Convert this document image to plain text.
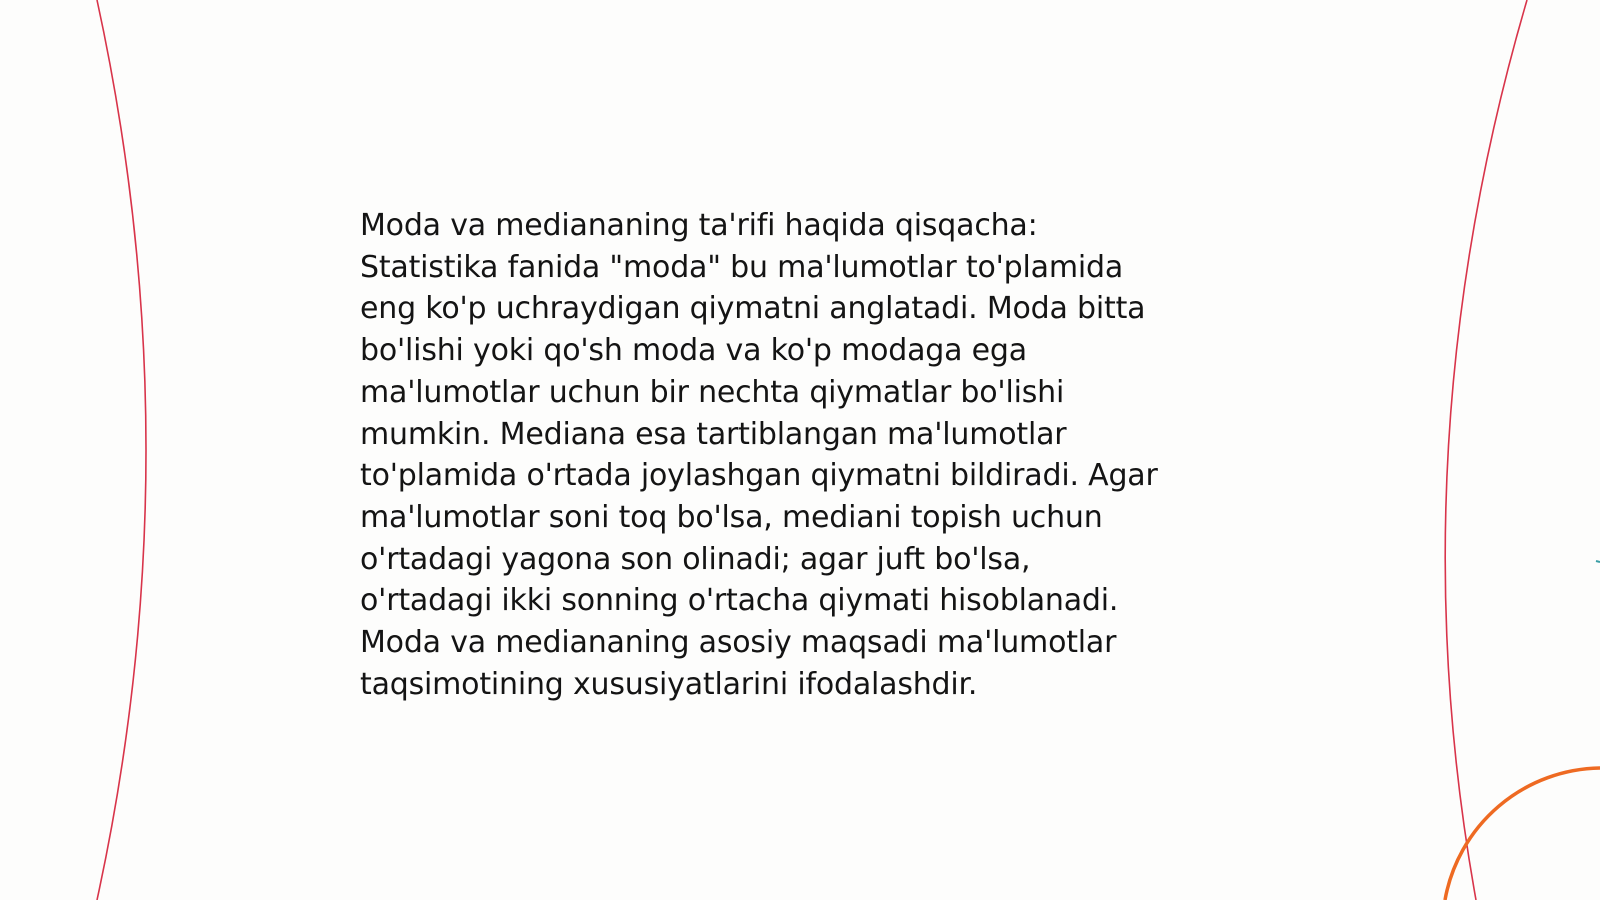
Moda va mediananing ta'rifi haqida qisqacha:
Statistika fanida "moda" bu ma'lumotlar to'plamida
eng ko'p uchraydigan qiymatni anglatadi. Moda bitta
bo'lishi yoki qo'sh moda va ko'p modaga ega
ma'lumotlar uchun bir nechta qiymatlar bo'lishi
mumkin. Mediana esa tartiblangan ma'lumotlar
to'plamida o'rtada joylashgan qiymatni bildiradi. Agar
ma'lumotlar soni toq bo'lsa, mediani topish uchun
o'rtadagi yagona son olinadi; agar juft bo'lsa,
o'rtadagi ikki sonning o'rtacha qiymati hisoblanadi.
Moda va mediananing asosiy maqsadi ma'lumotlar
taqsimotining xususiyatlarini ifodalashdir.
